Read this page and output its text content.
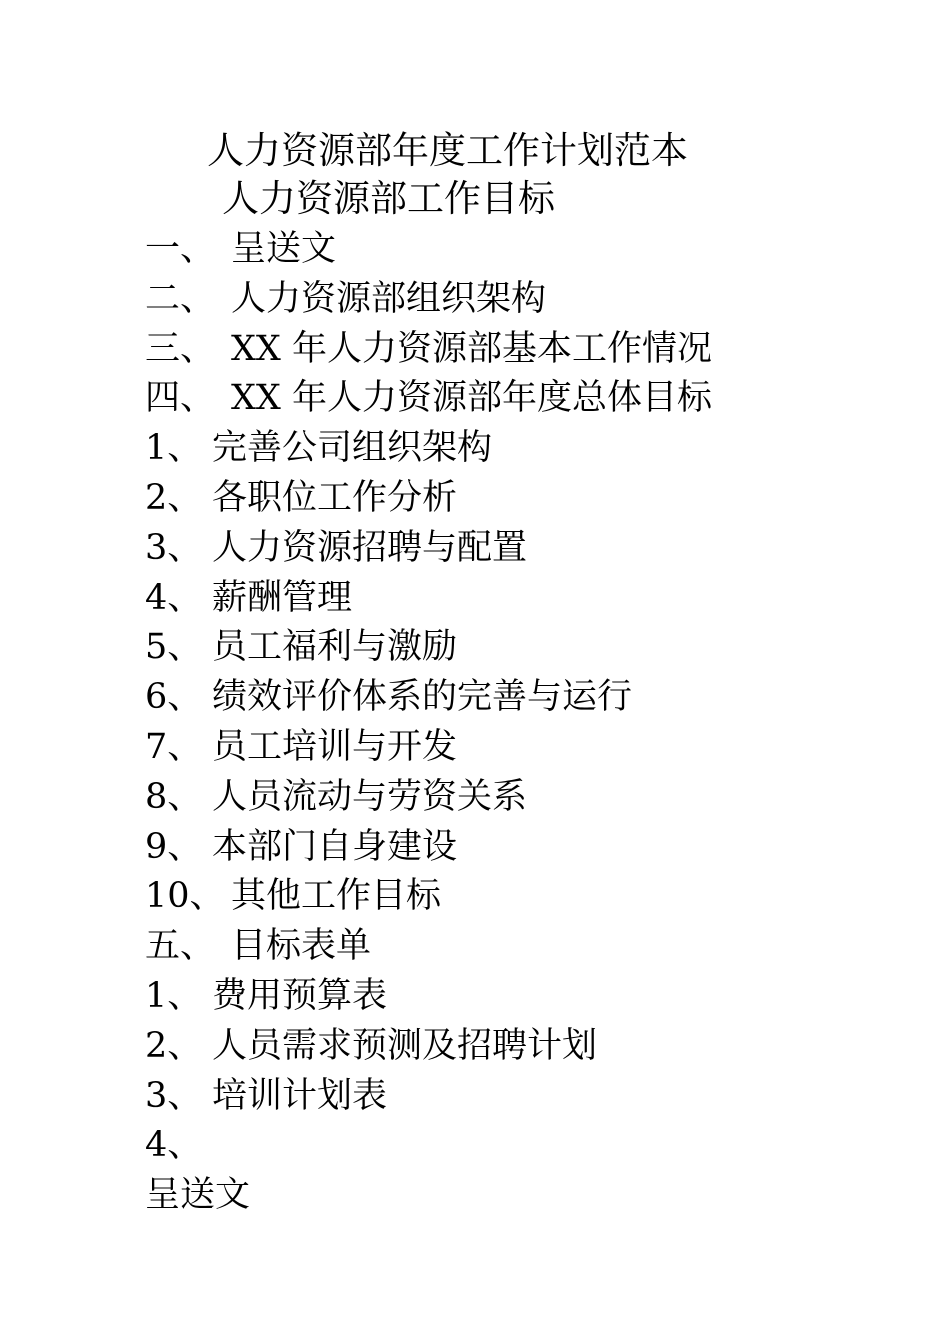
人力资源部年度工作计划范本
人力资源部工作目标
一、 呈送文
二、 人力资源部组织架构
三、 XX 年人力资源部基本工作情况
四、 XX 年人力资源部年度总体目标
1、 完善公司组织架构
2、 各职位工作分析
3、 人力资源招聘与配置
4、 薪酬管理
5、 员工福利与激励
6、 绩效评价体系的完善与运行
7、 员工培训与开发
8、 人员流动与劳资关系
9、 本部门自身建设
10、 其他工作目标
五、 目标表单
1、 费用预算表
2、 人员需求预测及招聘计划
3、 培训计划表
4、
呈送文
